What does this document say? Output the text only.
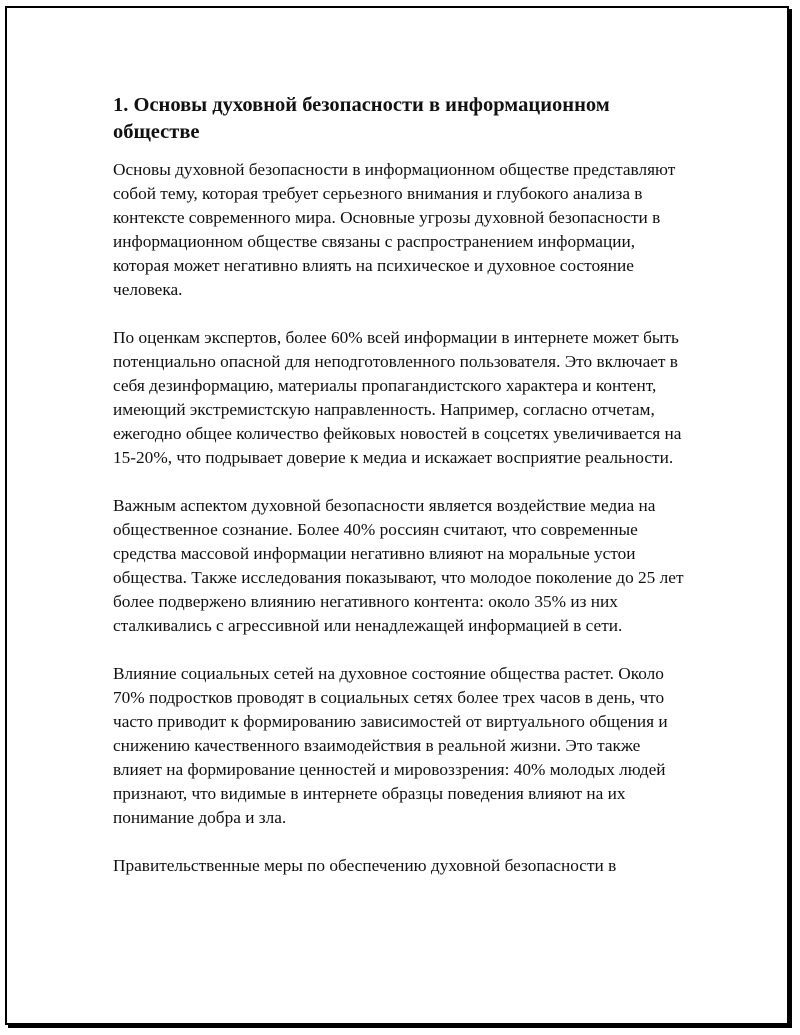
1. Основы духовной безопасности в информационном обществе

Основы духовной безопасности в информационном обществе представляют собой тему, которая требует серьезного внимания и глубокого анализа в контексте современного мира. Основные угрозы духовной безопасности в информационном обществе связаны с распространением информации, которая может негативно влиять на психическое и духовное состояние человека.

По оценкам экспертов, более 60% всей информации в интернете может быть потенциально опасной для неподготовленного пользователя. Это включает в себя дезинформацию, материалы пропагандистского характера и контент, имеющий экстремистскую направленность. Например, согласно отчетам, ежегодно общее количество фейковых новостей в соцсетях увеличивается на 15-20%, что подрывает доверие к медиа и искажает восприятие реальности.

Важным аспектом духовной безопасности является воздействие медиа на общественное сознание. Более 40% россиян считают, что современные средства массовой информации негативно влияют на моральные устои общества. Также исследования показывают, что молодое поколение до 25 лет более подвержено влиянию негативного контента: около 35% из них сталкивались с агрессивной или ненадлежащей информацией в сети.

Влияние социальных сетей на духовное состояние общества растет. Около 70% подростков проводят в социальных сетях более трех часов в день, что часто приводит к формированию зависимостей от виртуального общения и снижению качественного взаимодействия в реальной жизни. Это также влияет на формирование ценностей и мировоззрения: 40% молодых людей признают, что видимые в интернете образцы поведения влияют на их понимание добра и зла.

Правительственные меры по обеспечению духовной безопасности в
